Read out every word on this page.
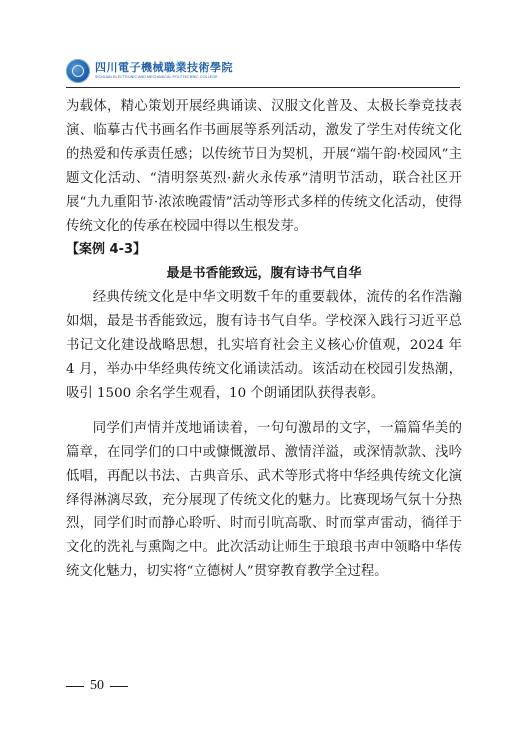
四川電子機械職業技術學院
SICHUAN ELECTRONIC AND MECHANICAL POLYTECHNIC COLLEGE

为载体，精心策划开展经典诵读、汉服文化普及、太极长拳竞技表演、临摹古代书画名作书画展等系列活动，激发了学生对传统文化的热爱和传承责任感；以传统节日为契机，开展“端午韵·校园风”主题文化活动、“清明祭英烈·薪火永传承”清明节活动，联合社区开展“九九重阳节·浓浓晚霞情”活动等形式多样的传统文化活动，使得传统文化的传承在校园中得以生根发芽。

【案例 4-3】

最是书香能致远，腹有诗书气自华

经典传统文化是中华文明数千年的重要载体，流传的名作浩瀚如烟，最是书香能致远，腹有诗书气自华。学校深入践行习近平总书记文化建设战略思想，扎实培育社会主义核心价值观，2024 年 4 月，举办中华经典传统文化诵读活动。该活动在校园引发热潮，吸引 1500 余名学生观看，10 个朗诵团队获得表彰。

同学们声情并茂地诵读着，一句句激昂的文字，一篇篇华美的篇章，在同学们的口中或慷慨激昂、激情洋溢，或深情款款、浅吟低唱，再配以书法、古典音乐、武术等形式将中华经典传统文化演绎得淋漓尽致，充分展现了传统文化的魅力。比赛现场气氛十分热烈，同学们时而静心聆听、时而引吭高歌、时而掌声雷动，徜徉于文化的洗礼与熏陶之中。此次活动让师生于琅琅书声中领略中华传统文化魅力，切实将“立德树人”贯穿教育教学全过程。

50
